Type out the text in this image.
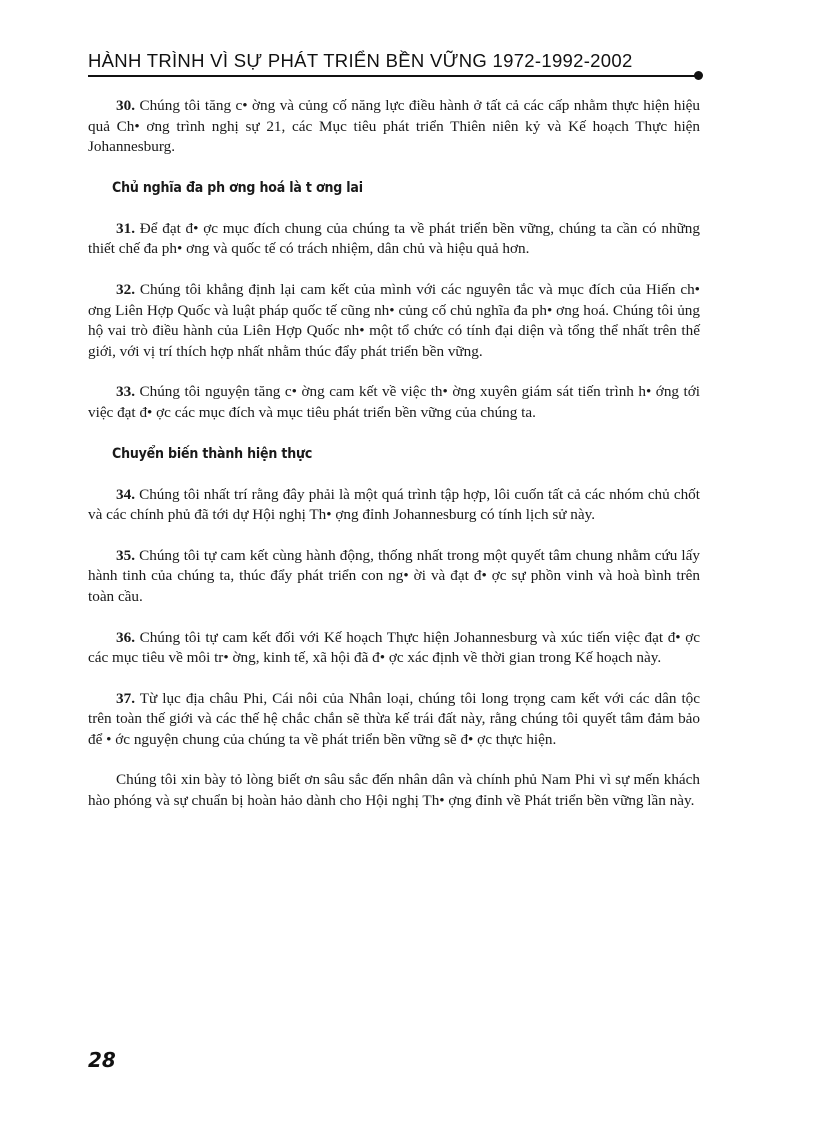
HÀNH TRÌNH VÌ SỰ PHÁT TRIỂN BỀN VỮNG 1972-1992-2002

30. Chúng tôi tăng c• ờng và củng cố năng lực điều hành ở tất cả các cấp nhằm thực hiện hiệu quả Ch• ơng trình nghị sự 21, các Mục tiêu phát triển Thiên niên kỷ và Kế hoạch Thực hiện Johannesburg.

Chủ nghĩa đa ph ơng hoá là t ơng lai

31. Để đạt đ• ợc mục đích chung của chúng ta về phát triển bền vững, chúng ta cần có những thiết chế đa ph• ơng và quốc tế có trách nhiệm, dân chủ và hiệu quả hơn.

32. Chúng tôi khẳng định lại cam kết của mình với các nguyên tắc và mục đích của Hiến ch• ơng Liên Hợp Quốc và luật pháp quốc tế cũng nh• củng cố chủ nghĩa đa ph• ơng hoá. Chúng tôi ủng hộ vai trò điều hành của Liên Hợp Quốc nh• một tổ chức có tính đại diện và tổng thể nhất trên thế giới, với vị trí thích hợp nhất nhằm thúc đẩy phát triển bền vững.

33. Chúng tôi nguyện tăng c• ờng cam kết về việc th• ờng xuyên giám sát tiến trình h• ớng tới việc đạt đ• ợc các mục đích và mục tiêu phát triển bền vững của chúng ta.

Chuyển biến thành hiện thực

34. Chúng tôi nhất trí rằng đây phải là một quá trình tập hợp, lôi cuốn tất cả các nhóm chủ chốt và các chính phủ đã tới dự Hội nghị Th• ợng đỉnh Johannesburg có tính lịch sử này.

35. Chúng tôi tự cam kết cùng hành động, thống nhất trong một quyết tâm chung nhằm cứu lấy hành tinh của chúng ta, thúc đẩy phát triển con ng• ời và đạt đ• ợc sự phồn vinh và hoà bình trên toàn cầu.

36. Chúng tôi tự cam kết đối với Kế hoạch Thực hiện Johannesburg và xúc tiến việc đạt đ• ợc các mục tiêu về môi tr• ờng, kinh tế, xã hội đã đ• ợc xác định về thời gian trong Kế hoạch này.

37. Từ lục địa châu Phi, Cái nôi của Nhân loại, chúng tôi long trọng cam kết với các dân tộc trên toàn thế giới và các thế hệ chắc chắn sẽ thừa kế trái đất này, rằng chúng tôi quyết tâm đảm bảo để • ớc nguyện chung của chúng ta về phát triển bền vững sẽ đ• ợc thực hiện.

Chúng tôi xin bày tỏ lòng biết ơn sâu sắc đến nhân dân và chính phủ Nam Phi vì sự mến khách hào phóng và sự chuẩn bị hoàn hảo dành cho Hội nghị Th• ợng đỉnh về Phát triển bền vững lần này.

28
